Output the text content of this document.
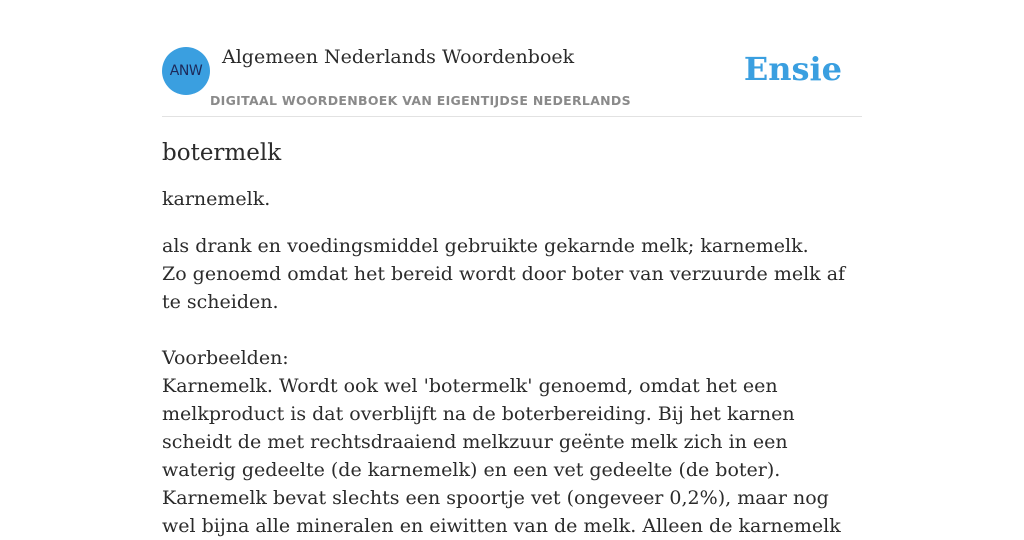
ANW
Algemeen Nederlands Woordenboek
DIGITAAL WOORDENBOEK VAN EIGENTIJDSE NEDERLANDS
Ensie
botermelk

karnemelk.

als drank en voedingsmiddel gebruikte gekarnde melk; karnemelk.
Zo genoemd omdat het bereid wordt door boter van verzuurde melk af te scheiden.
Voorbeelden:
Karnemelk. Wordt ook wel 'botermelk' genoemd, omdat het een melkproduct is dat overblijft na de boterbereiding. Bij het karnen scheidt de met rechtsdraaiend melkzuur geënte melk zich in een waterig gedeelte (de karnemelk) en een vet gedeelte (de boter). Karnemelk bevat slechts een spoortje vet (ongeveer 0,2%), maar nog wel bijna alle mineralen en eiwitten van de melk. Alleen de karnemelk
